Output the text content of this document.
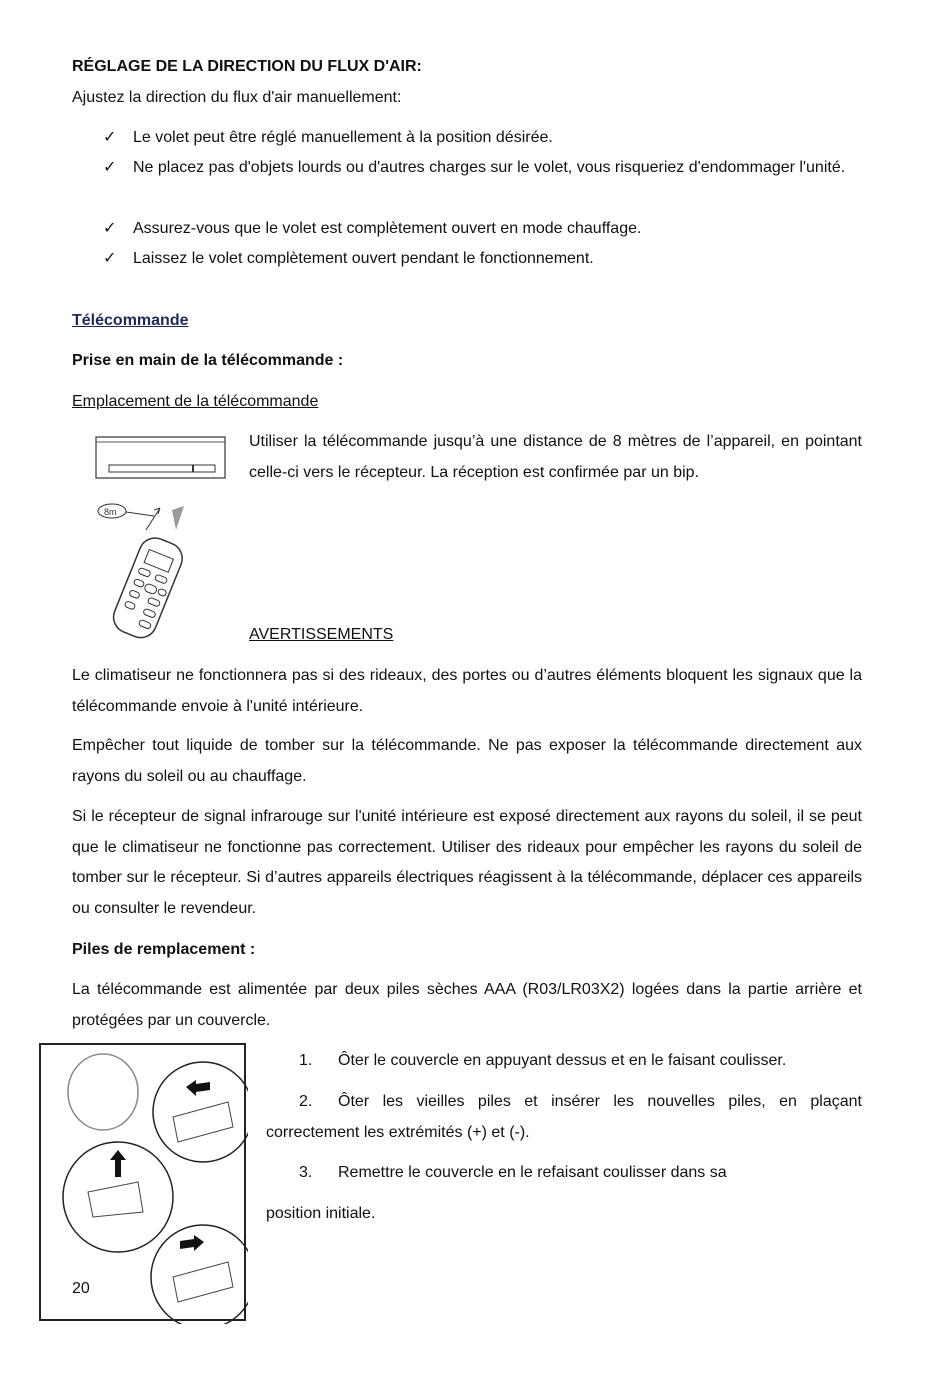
RÉGLAGE DE LA DIRECTION DU FLUX D'AIR:
Ajustez la direction du flux d'air manuellement:
✓	Le volet peut être réglé manuellement à la position désirée.
✓	Ne placez pas d'objets lourds ou d'autres charges sur le volet, vous risqueriez d'endommager l'unité.
✓	Assurez-vous que le volet est complètement ouvert en mode chauffage.
✓	Laissez le volet complètement ouvert pendant le fonctionnement.
Télécommande
Prise en main de la télécommande :
Emplacement de la télécommande
Utiliser la télécommande jusqu’à une distance de 8 mètres de l’appareil, en pointant celle-ci vers le récepteur. La réception est confirmée par un bip.
8m
AVERTISSEMENTS
Le climatiseur ne fonctionnera pas si des rideaux, des portes ou d’autres éléments bloquent les signaux que la télécommande envoie à l'unité intérieure.
Empêcher tout liquide de tomber sur la télécommande. Ne pas exposer la télécommande directement aux rayons du soleil ou au chauffage.
Si le récepteur de signal infrarouge sur l'unité intérieure est exposé directement aux rayons du soleil, il se peut que le climatiseur ne fonctionne pas correctement. Utiliser des rideaux pour empêcher les rayons du soleil de tomber sur le récepteur. Si d’autres appareils électriques réagissent à la télécommande, déplacer ces appareils ou consulter le revendeur.
Piles de remplacement :
La télécommande est alimentée par deux piles sèches AAA (R03/LR03X2) logées dans la partie arrière et protégées par un couvercle.
20
1. Ôter le couvercle en appuyant dessus et en le faisant coulisser.
2. Ôter les vieilles piles et insérer les nouvelles piles, en plaçant correctement les extrémités (+) et (-).
3. Remettre le couvercle en le refaisant coulisser dans sa
position initiale.
